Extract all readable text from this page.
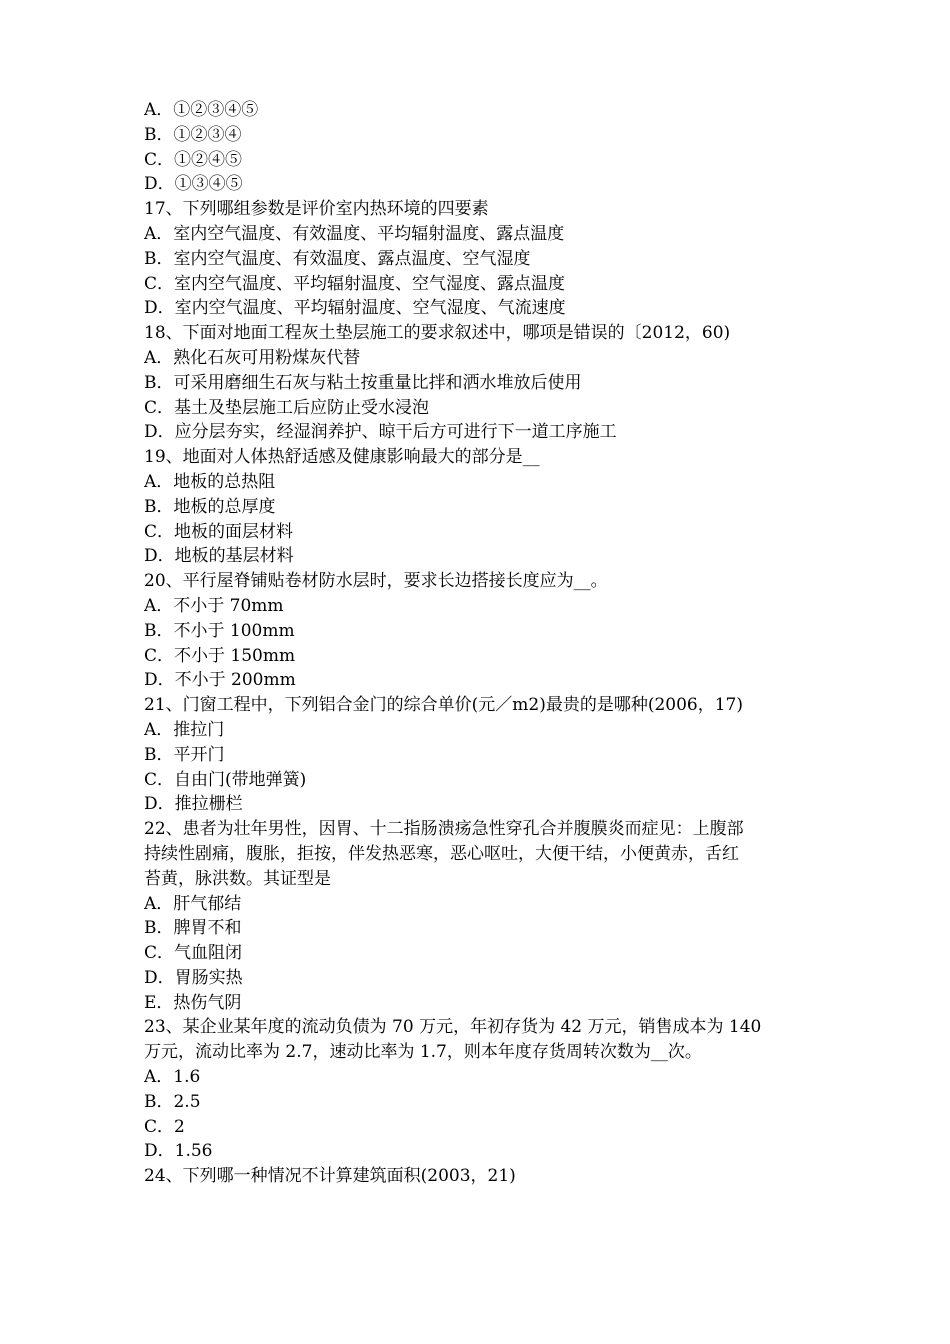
A．①②③④⑤
B．①②③④
C．①②④⑤
D．①③④⑤
17、下列哪组参数是评价室内热环境的四要素
A．室内空气温度、有效温度、平均辐射温度、露点温度
B．室内空气温度、有效温度、露点温度、空气湿度
C．室内空气温度、平均辐射温度、空气湿度、露点温度
D．室内空气温度、平均辐射温度、空气湿度、气流速度
18、下面对地面工程灰土垫层施工的要求叙述中，哪项是错误的〔2012，60)
A．熟化石灰可用粉煤灰代替
B．可采用磨细生石灰与粘土按重量比拌和洒水堆放后使用
C．基土及垫层施工后应防止受水浸泡
D．应分层夯实，经湿润养护、晾干后方可进行下一道工序施工
19、地面对人体热舒适感及健康影响最大的部分是__
A．地板的总热阻
B．地板的总厚度
C．地板的面层材料
D．地板的基层材料
20、平行屋脊铺贴卷材防水层时，要求长边搭接长度应为__。
A．不小于 70mm
B．不小于 100mm
C．不小于 150mm
D．不小于 200mm
21、门窗工程中，下列铝合金门的综合单价(元／m2)最贵的是哪种(2006，17)
A．推拉门
B．平开门
C．自由门(带地弹簧)
D．推拉栅栏
22、患者为壮年男性，因胃、十二指肠溃疡急性穿孔合并腹膜炎而症见：上腹部
持续性剧痛，腹胀，拒按，伴发热恶寒，恶心呕吐，大便干结，小便黄赤，舌红
苔黄，脉洪数。其证型是
A．肝气郁结
B．脾胃不和
C．气血阻闭
D．胃肠实热
E．热伤气阴
23、某企业某年度的流动负债为 70 万元，年初存货为 42 万元，销售成本为 140
万元，流动比率为 2.7，速动比率为 1.7，则本年度存货周转次数为__次。
A．1.6
B．2.5
C．2
D．1.56
24、下列哪一种情况不计算建筑面积(2003，21)
